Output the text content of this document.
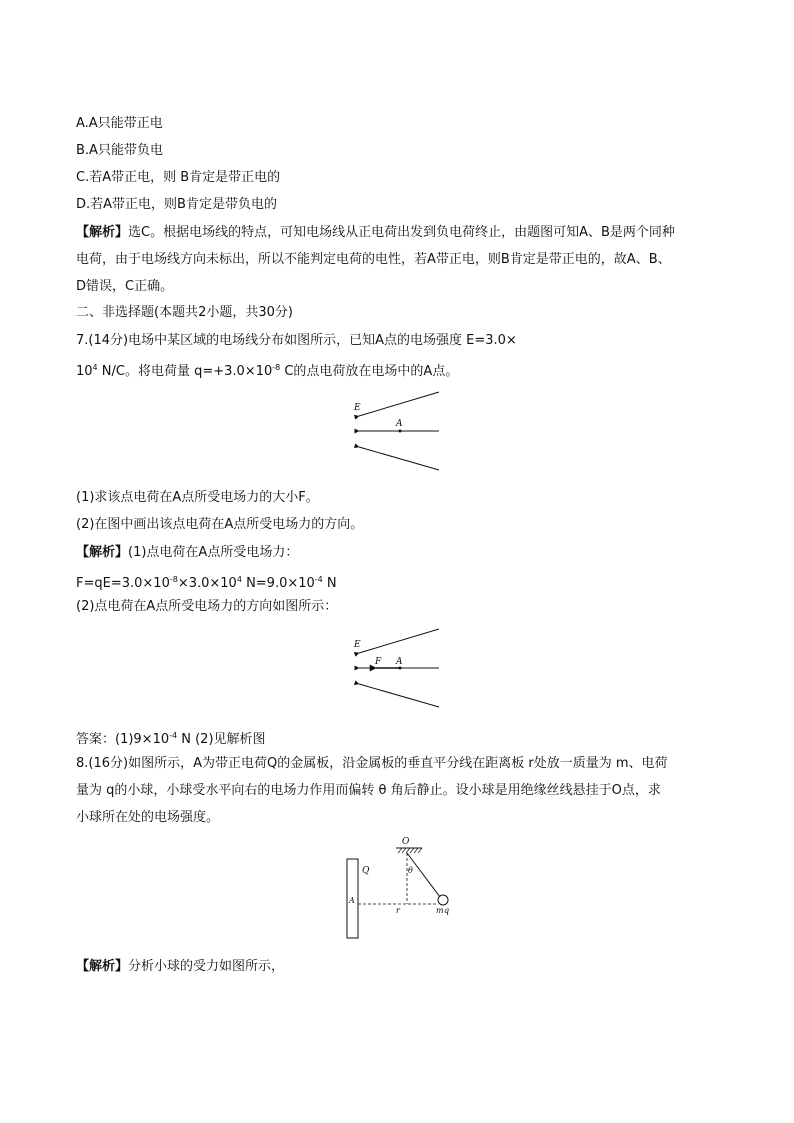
A.A只能带正电
B.A只能带负电
C.若A带正电，则 B肯定是带正电的
D.若A带正电，则B肯定是带负电的
【解析】选C。根据电场线的特点，可知电场线从正电荷出发到负电荷终止，由题图可知A、B是两个同种
电荷，由于电场线方向未标出，所以不能判定电荷的电性，若A带正电，则B肯定是带正电的，故A、B、
D错误，C正确。
二、非选择题(本题共2小题，共30分)
7.(14分)电场中某区域的电场线分布如图所示，已知A点的电场强度 E=3.0×
$10^4$ N/C。将电荷量 $q=+3.0\times 10^{-8}$ C的点电荷放在电场中的A点。
E
A
(1)求该点电荷在A点所受电场力的大小F。
(2)在图中画出该点电荷在A点所受电场力的方向。
【解析】(1)点电荷在A点所受电场力：
$F=qE=3.0\times 10^{-8}\times 3.0\times 10^4$ $N=9.0\times 10^{-4}$ N
(2)点电荷在A点所受电场力的方向如图所示：
E
F A
答案：$(1)9\times 10^{-4}$ N (2)见解析图
8.(16分)如图所示，A为带正电荷Q的金属板，沿金属板的垂直平分线在距离板 r处放一质量为 m、电荷
量为 q的小球，小球受水平向右的电场力作用而偏转 θ 角后静止。设小球是用绝缘丝线悬挂于O点，求
小球所在处的电场强度。
A
Q
O
θ
r	m q
【解析】分析小球的受力如图所示，
